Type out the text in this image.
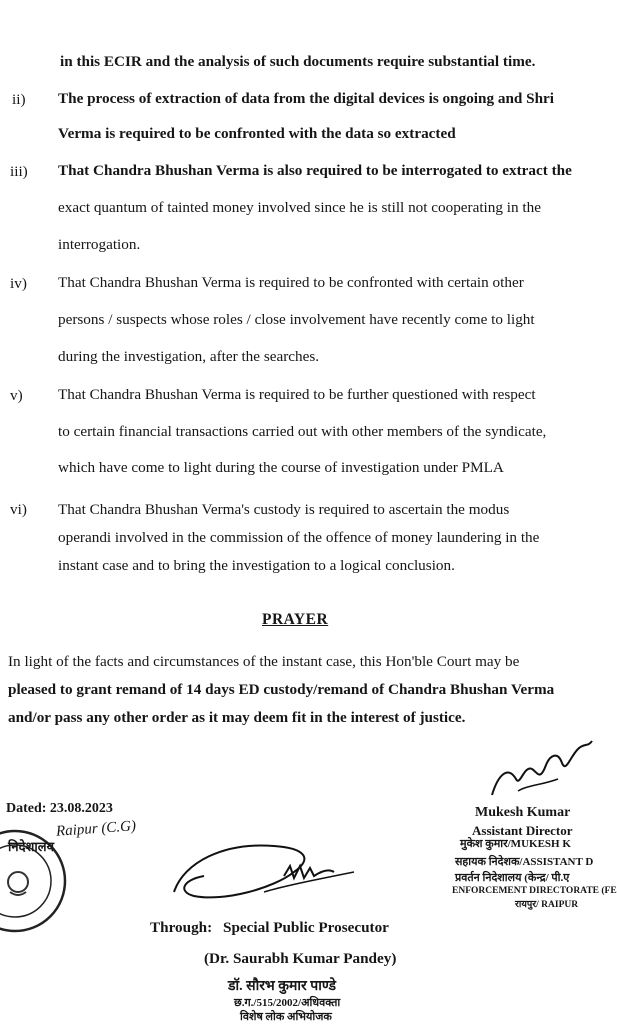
in this ECIR and the analysis of such documents require substantial time.
ii) The process of extraction of data from the digital devices is ongoing and Shri
Verma is required to be confronted with the data so extracted
iii) That Chandra Bhushan Verma is also required to be interrogated to extract the
exact quantum of tainted money involved since he is still not cooperating in the
interrogation.
iv) That Chandra Bhushan Verma is required to be confronted with certain other
persons / suspects whose roles / close involvement have recently come to light
during the investigation, after the searches.
v) That Chandra Bhushan Verma is required to be further questioned with respect
to certain financial transactions carried out with other members of the syndicate,
which have come to light during the course of investigation under PMLA
vi) That Chandra Bhushan Verma's custody is required to ascertain the modus
operandi involved in the commission of the offence of money laundering in the
instant case and to bring the investigation to a logical conclusion.
PRAYER
In light of the facts and circumstances of the instant case, this Hon'ble Court may be
pleased to grant remand of 14 days ED custody/remand of Chandra Bhushan Verma
and/or pass any other order as it may deem fit in the interest of justice.
Dated: 23.08.2023
Raipur (C.G)
निदेशालय
Mukesh Kumar
Assistant Director
मुकेश कुमार/MUKESH K
सहायक निदेशक/ASSISTANT D
प्रवर्तन निदेशालय (केन्द्र/ पी.ए
ENFORCEMENT DIRECTORATE (FE
रायपुर/ RAIPUR
Through: Special Public Prosecutor
(Dr. Saurabh Kumar Pandey)
डॉ. सौरभ कुमार पाण्डे
छ.ग./515/2002/अधिवक्ता
विशेष लोक अभियोजक
